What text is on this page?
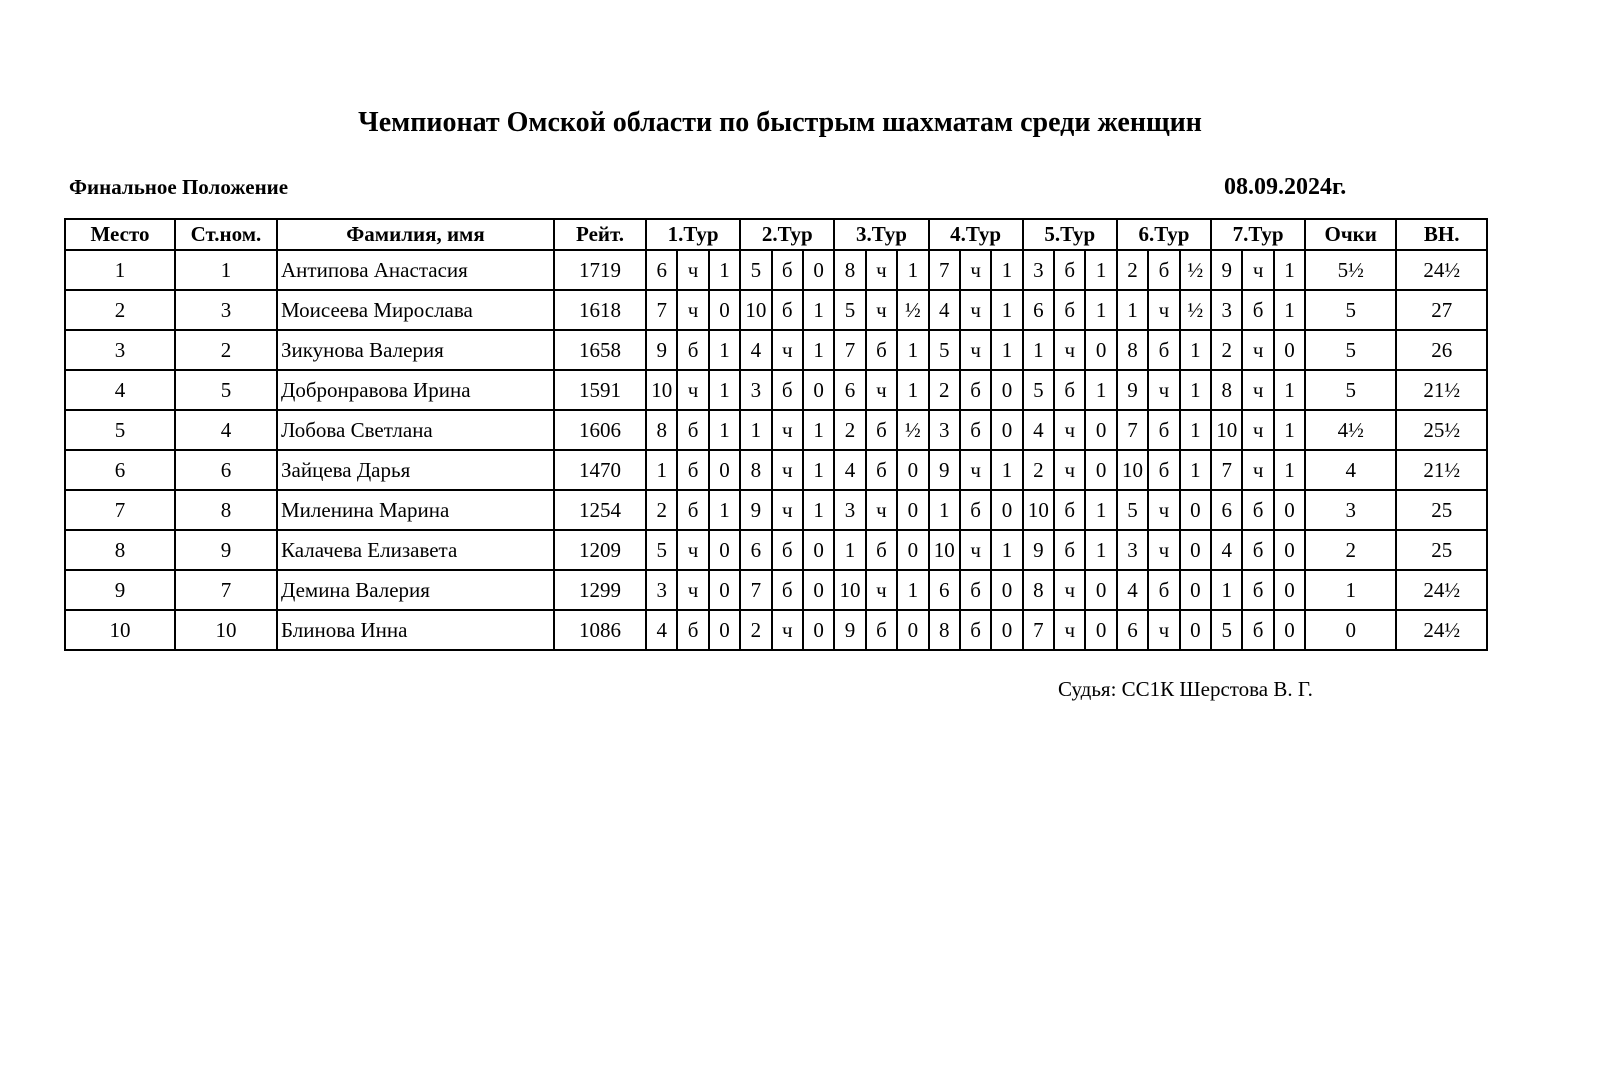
Чемпионат Омской области по быстрым шахматам среди женщин
Финальное Положение	08.09.2024г.
Место	Ст.ном.	Фамилия, имя	Рейт.	1.Тур			2.Тур			3.Тур			4.Тур			5.Тур			6.Тур			7.Тур			Очки	ВН.
1	1	Антипова Анастасия	1719	6	ч	1	5	б	0	8	ч	1	7	ч	1	3	б	1	2	б	½	9	ч	1	5½	24½
2	3	Моисеева Мирослава	1618	7	ч	0	10	б	1	5	ч	½	4	ч	1	6	б	1	1	ч	½	3	б	1	5	27
3	2	Зикунова Валерия	1658	9	б	1	4	ч	1	7	б	1	5	ч	1	1	ч	0	8	б	1	2	ч	0	5	26
4	5	Добронравова Ирина	1591	10	ч	1	3	б	0	6	ч	1	2	б	0	5	б	1	9	ч	1	8	ч	1	5	21½
5	4	Лобова Светлана	1606	8	б	1	1	ч	1	2	б	½	3	б	0	4	ч	0	7	б	1	10	ч	1	4½	25½
6	6	Зайцева Дарья	1470	1	б	0	8	ч	1	4	б	0	9	ч	1	2	ч	0	10	б	1	7	ч	1	4	21½
7	8	Миленина Марина	1254	2	б	1	9	ч	1	3	ч	0	1	б	0	10	б	1	5	ч	0	6	б	0	3	25
8	9	Калачева Елизавета	1209	5	ч	0	6	б	0	1	б	0	10	ч	1	9	б	1	3	ч	0	4	б	0	2	25
9	7	Демина Валерия	1299	3	ч	0	7	б	0	10	ч	1	6	б	0	8	ч	0	4	б	0	1	б	0	1	24½
10	10	Блинова Инна	1086	4	б	0	2	ч	0	9	б	0	8	б	0	7	ч	0	6	ч	0	5	б	0	0	24½
Судья: СС1К Шерстова В. Г.
